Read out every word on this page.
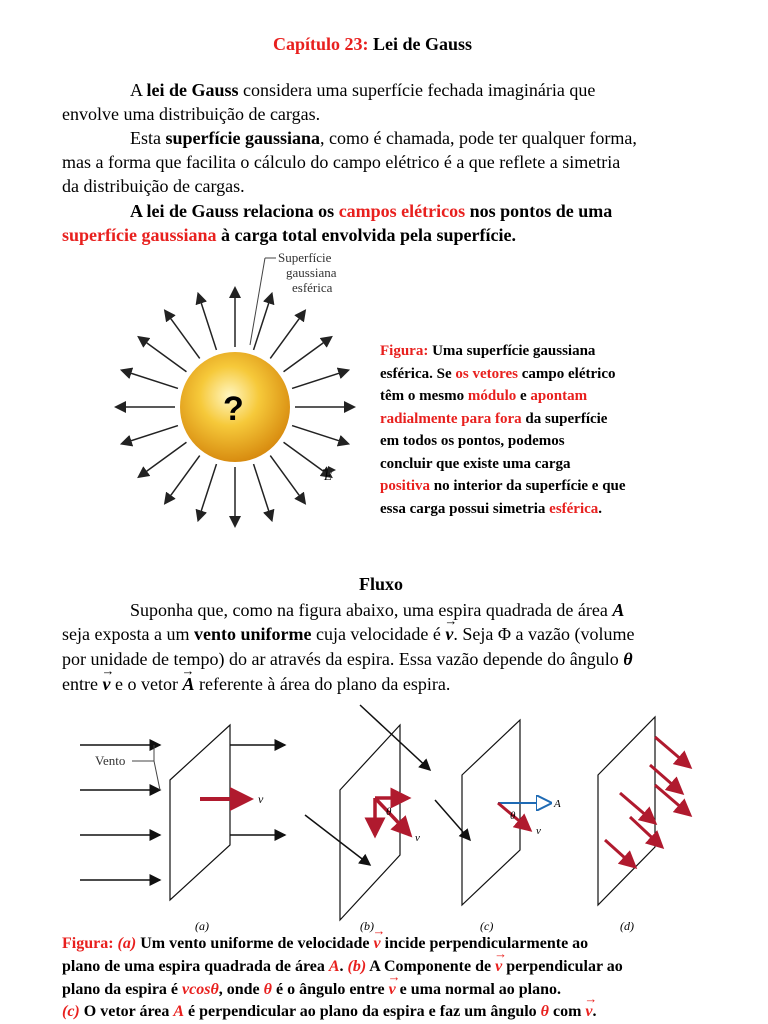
Capítulo 23: Lei de Gauss
A lei de Gauss considera uma superfície fechada imaginária que
envolve uma distribuição de cargas.
Esta superfície gaussiana, como é chamada, pode ter qualquer forma,
mas a forma que facilita o cálculo do campo elétrico é a que reflete a simetria
da distribuição de cargas.
A lei de Gauss relaciona os campos elétricos nos pontos de uma
superfície gaussiana à carga total envolvida pela superfície.
?
Superfície
gaussiana
esférica
E
Figura: Uma superfície gaussiana
esférica. Se os vetores campo elétrico
têm o mesmo módulo e apontam
radialmente para fora da superfície
em todos os pontos, podemos
concluir que existe uma carga
positiva no interior da superfície e que
essa carga possui simetria esférica.
Fluxo
Suponha que, como na figura abaixo, uma espira quadrada de área A
seja exposta a um vento uniforme cuja velocidade é → v. Seja Φ a vazão (volume
por unidade de tempo) do ar através da espira. Essa vazão depende do ângulo θ
entre → v e o vetor → A referente à área do plano da espira.
v
Vento
(a)
θ
v
(b)
θ
A
v
(c)	(d)
Figura: (a) Um vento uniforme de velocidade → v incide perpendicularmente ao
plano de uma espira quadrada de área A. (b) A Componente de → v perpendicular ao
plano da espira é vcosθ, onde θ é o ângulo entre → v e uma normal ao plano.
(c) O vetor área A é perpendicular ao plano da espira e faz um ângulo θ com → v.
